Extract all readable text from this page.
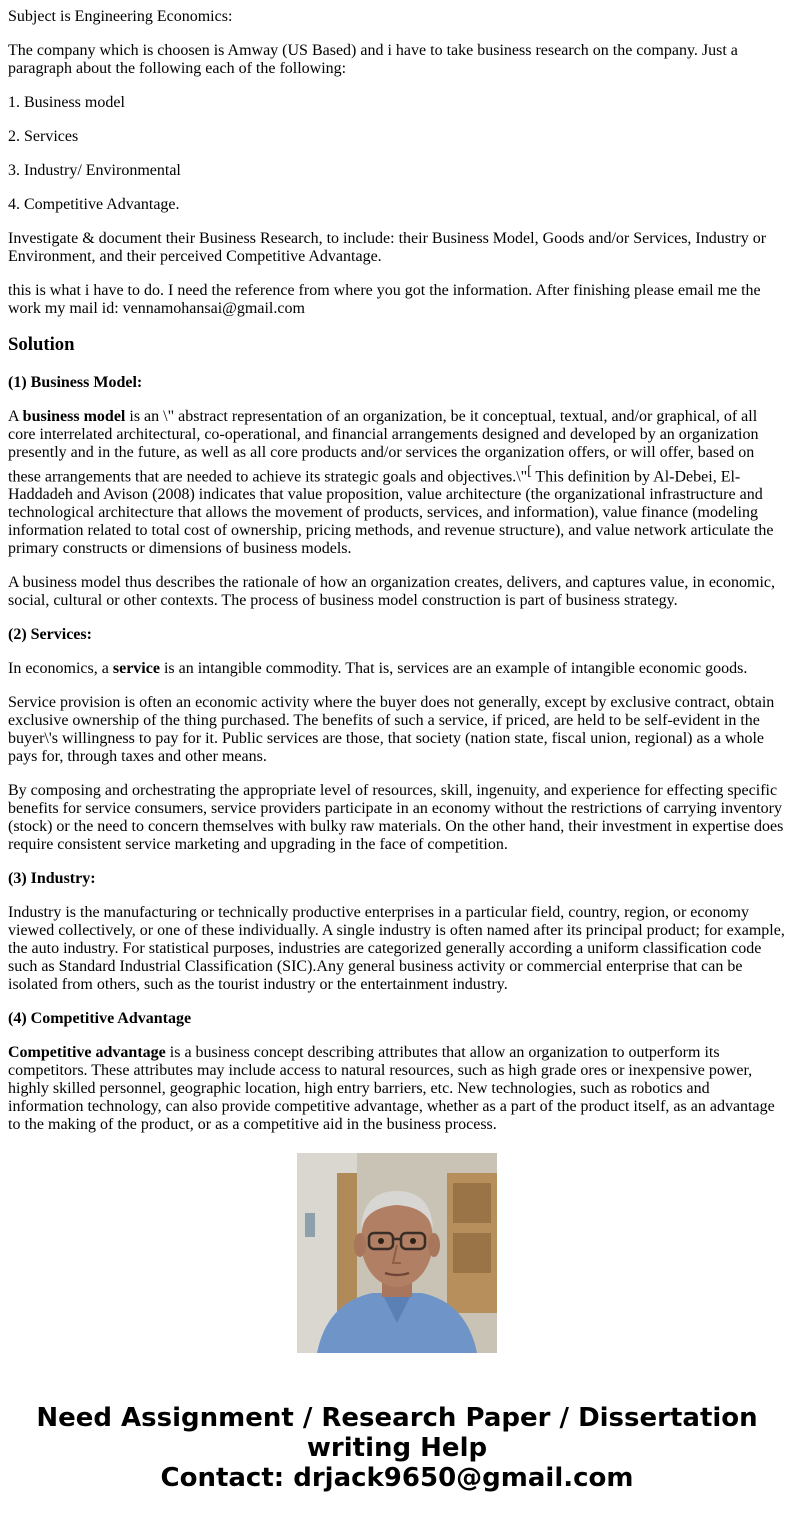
Subject is Engineering Economics:

The company which is choosen is Amway (US Based) and i have to take business research on the company. Just a paragraph about the following each of the following:

1. Business model

2. Services

3. Industry/ Environmental

4. Competitive Advantage.

Investigate & document their Business Research, to include: their Business Model, Goods and/or Services, Industry or Environment, and their perceived Competitive Advantage.

this is what i have to do. I need the reference from where you got the information. After finishing please email me the work my mail id: vennamohansai@gmail.com

Solution

(1) Business Model:

A business model is an \" abstract representation of an organization, be it conceptual, textual, and/or graphical, of all core interrelated architectural, co-operational, and financial arrangements designed and developed by an organization presently and in the future, as well as all core products and/or services the organization offers, or will offer, based on these arrangements that are needed to achieve its strategic goals and objectives.\"[ This definition by Al-Debei, El-Haddadeh and Avison (2008) indicates that value proposition, value architecture (the organizational infrastructure and technological architecture that allows the movement of products, services, and information), value finance (modeling information related to total cost of ownership, pricing methods, and revenue structure), and value network articulate the primary constructs or dimensions of business models.

A business model thus describes the rationale of how an organization creates, delivers, and captures value, in economic, social, cultural or other contexts. The process of business model construction is part of business strategy.

(2) Services:

In economics, a service is an intangible commodity. That is, services are an example of intangible economic goods.

Service provision is often an economic activity where the buyer does not generally, except by exclusive contract, obtain exclusive ownership of the thing purchased. The benefits of such a service, if priced, are held to be self-evident in the buyer\'s willingness to pay for it. Public services are those, that society (nation state, fiscal union, regional) as a whole pays for, through taxes and other means.

By composing and orchestrating the appropriate level of resources, skill, ingenuity, and experience for effecting specific benefits for service consumers, service providers participate in an economy without the restrictions of carrying inventory (stock) or the need to concern themselves with bulky raw materials. On the other hand, their investment in expertise does require consistent service marketing and upgrading in the face of competition.

(3) Industry:

Industry is the manufacturing or technically productive enterprises in a particular field, country, region, or economy viewed collectively, or one of these individually. A single industry is often named after its principal product; for example, the auto industry. For statistical purposes, industries are categorized generally according a uniform classification code such as Standard Industrial Classification (SIC).Any general business activity or commercial enterprise that can be isolated from others, such as the tourist industry or the entertainment industry.

(4) Competitive Advantage

Competitive advantage is a business concept describing attributes that allow an organization to outperform its competitors. These attributes may include access to natural resources, such as high grade ores or inexpensive power, highly skilled personnel, geographic location, high entry barriers, etc. New technologies, such as robotics and information technology, can also provide competitive advantage, whether as a part of the product itself, as an advantage to the making of the product, or as a competitive aid in the business process.

Need Assignment / Research Paper / Dissertation
writing Help
Contact: drjack9650@gmail.com
